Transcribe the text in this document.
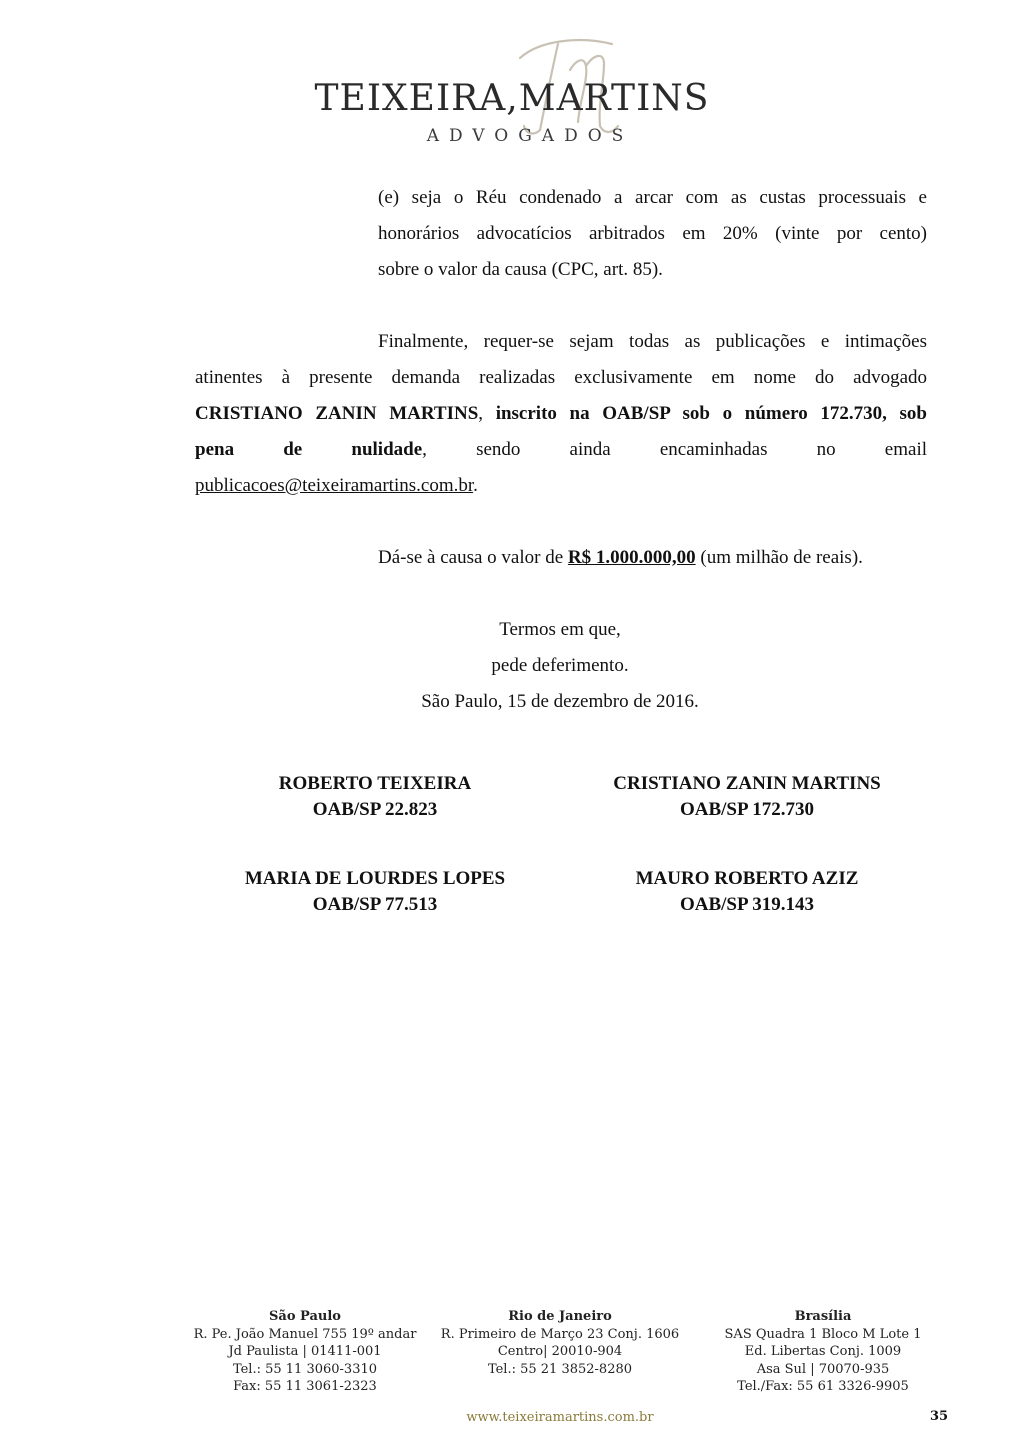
TEIXEIRA,MARTINS
ADVOGADOS
(e) seja o Réu condenado a arcar com as custas processuais e
honorários advocatícios arbitrados em 20% (vinte por cento)
sobre o valor da causa (CPC, art. 85).
Finalmente, requer-se sejam todas as publicações e intimações
atinentes à presente demanda realizadas exclusivamente em nome do advogado
CRISTIANO ZANIN MARTINS, inscrito na OAB/SP sob o número 172.730, sob
pena	de	nulidade,	sendo	ainda	encaminhadas	no	email
publicacoes@teixeiramartins.com.br.
Dá-se à causa o valor de R$ 1.000.000,00 (um milhão de reais).
Termos em que,
pede deferimento.
São Paulo, 15 de dezembro de 2016.
ROBERTO TEIXEIRA
OAB/SP 22.823
CRISTIANO ZANIN MARTINS
OAB/SP 172.730
MARIA DE LOURDES LOPES
OAB/SP 77.513
MAURO ROBERTO AZIZ
OAB/SP 319.143
São Paulo
R. Pe. João Manuel 755 19º andar
Jd Paulista | 01411-001
Tel.: 55 11 3060-3310
Fax: 55 11 3061-2323
Rio de Janeiro
R. Primeiro de Março 23 Conj. 1606
Centro| 20010-904
Tel.: 55 21 3852-8280
Brasília
SAS Quadra 1 Bloco M Lote 1
Ed. Libertas Conj. 1009
Asa Sul | 70070-935
Tel./Fax: 55 61 3326-9905
www.teixeiramartins.com.br	35
